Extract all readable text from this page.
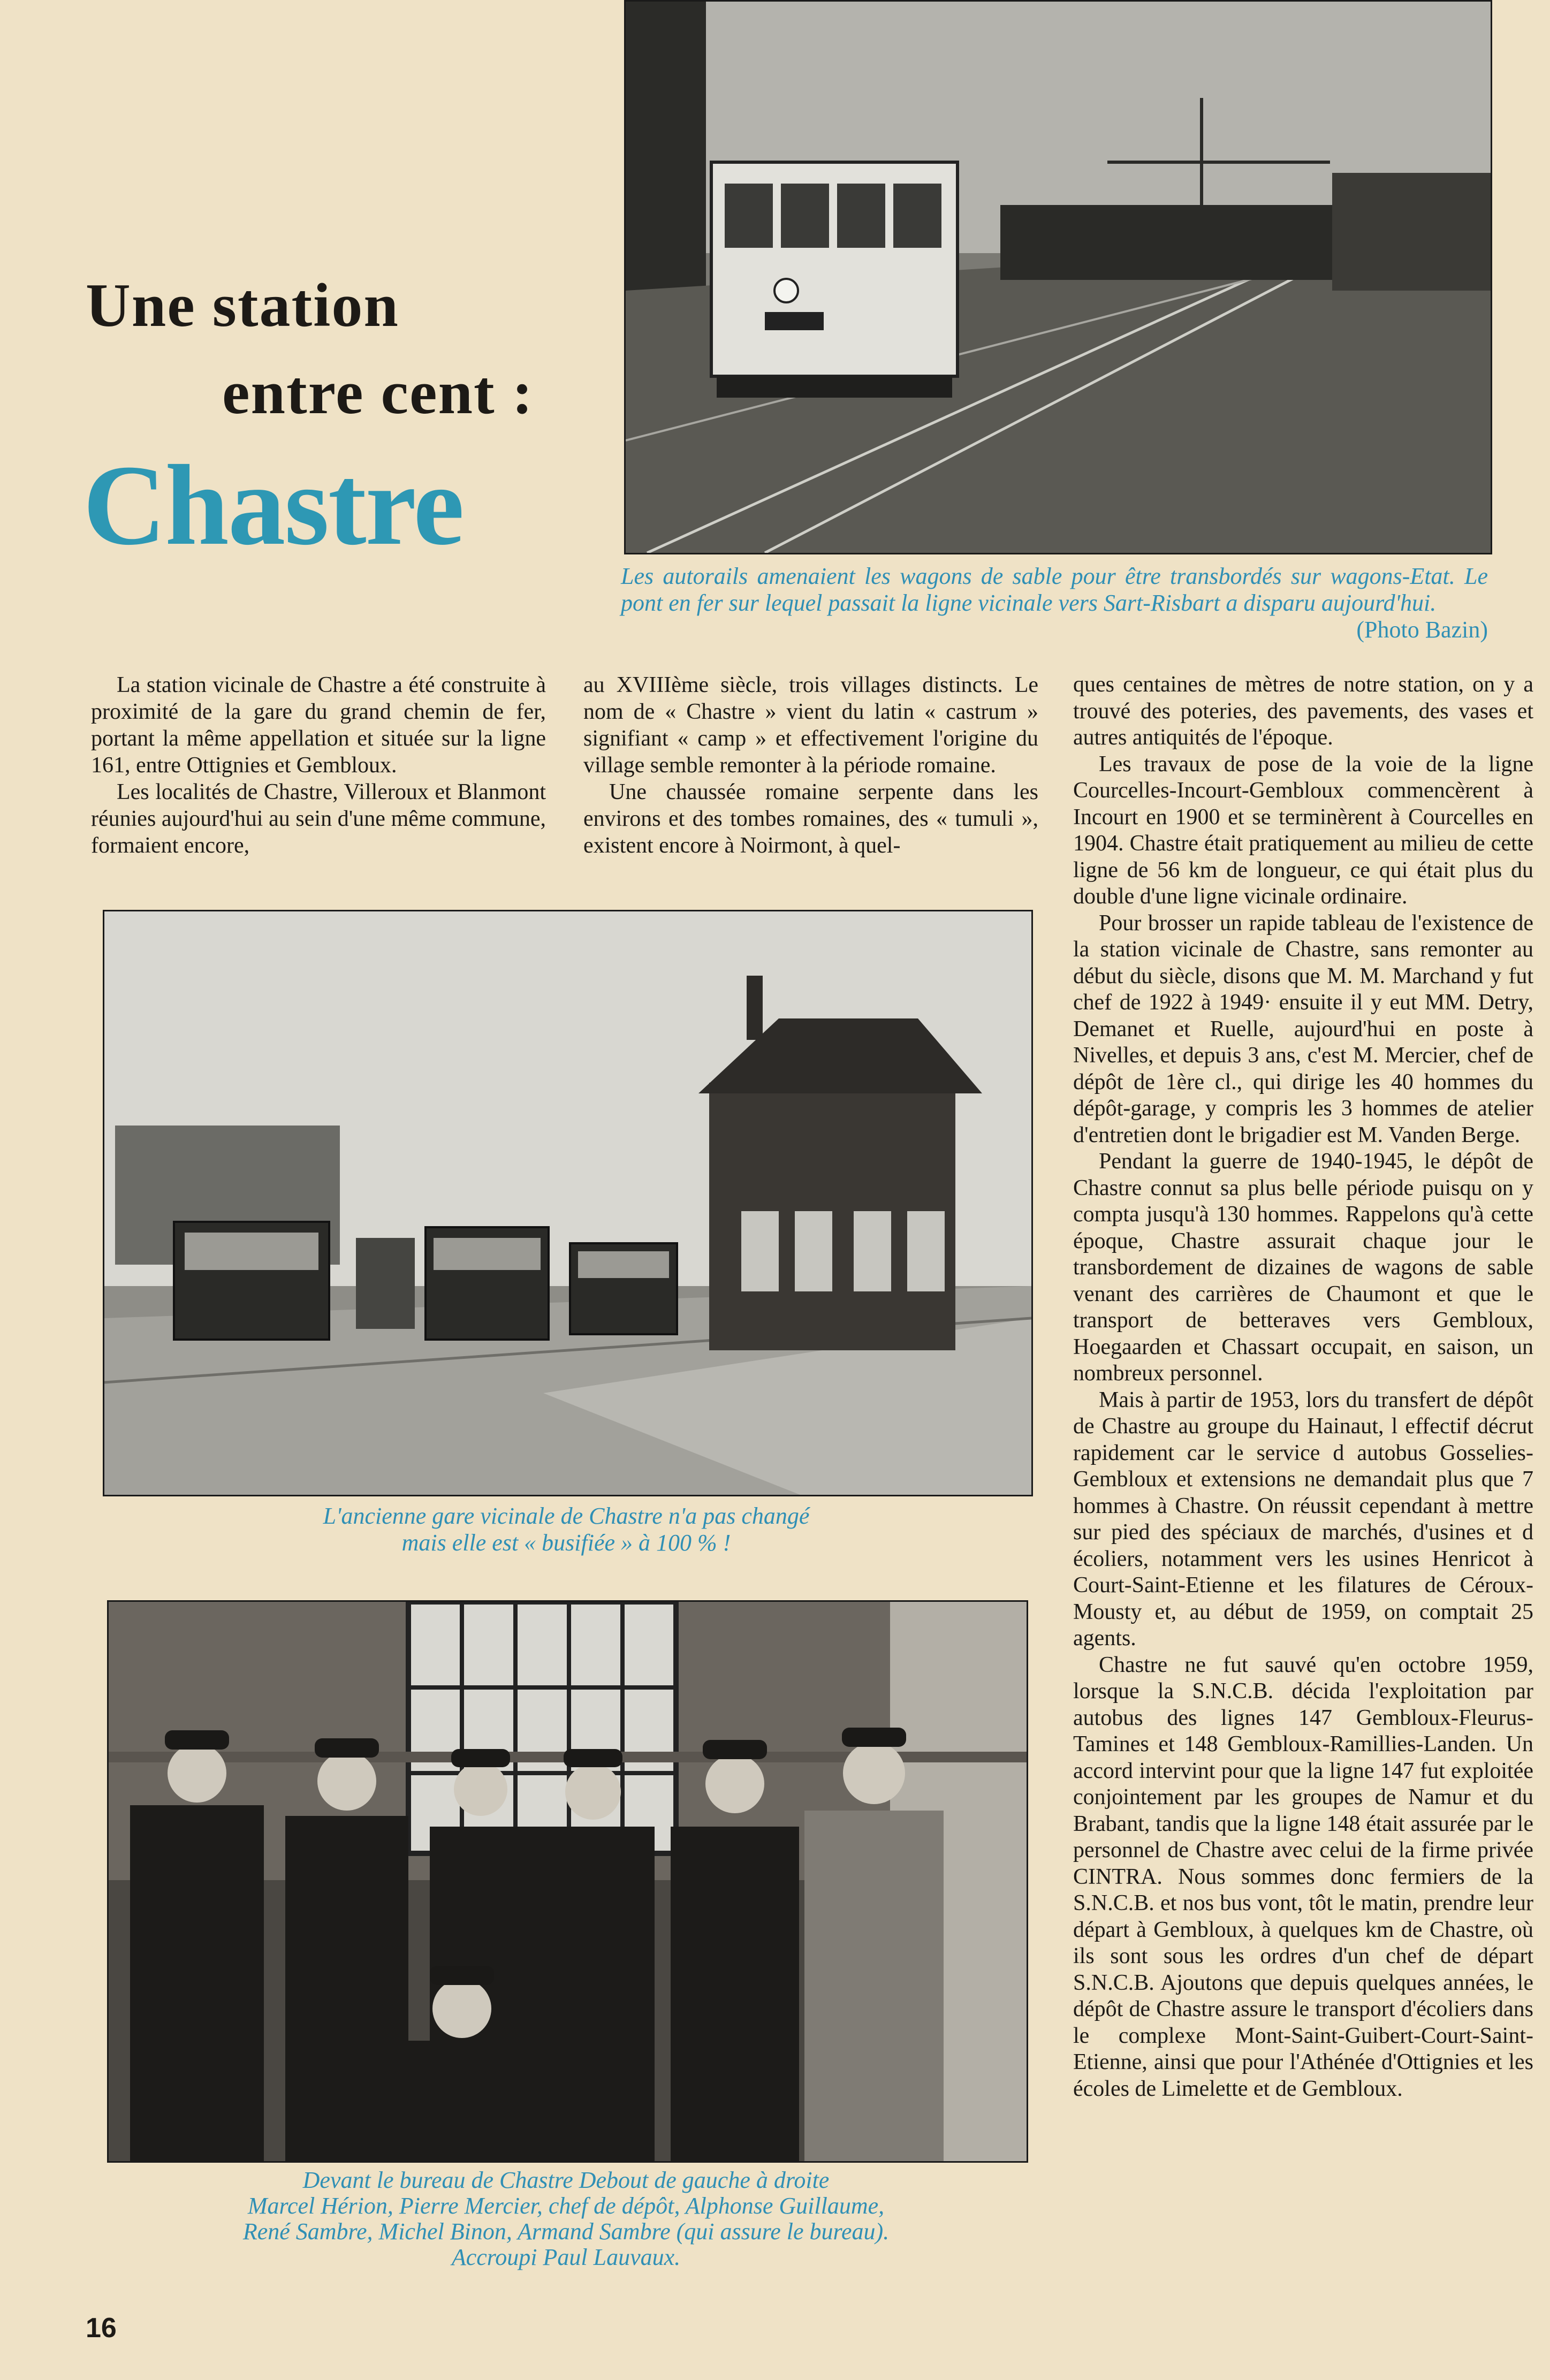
Une station
entre cent :
Chastre
Les autorails amenaient les wagons de sable pour être transbordés sur wagons-Etat. Le pont en fer sur lequel passait la ligne vicinale vers Sart-Risbart a disparu aujourd'hui.
(Photo Bazin)

La station vicinale de Chastre a été construite à proximité de la gare du grand chemin de fer, portant la même appellation et située sur la ligne 161, entre Ottignies et Gembloux.

Les localités de Chastre, Villeroux et Blanmont réunies aujourd'hui au sein d'une même commune, formaient encore,

au XVIIIème siècle, trois villages distincts. Le nom de « Chastre » vient du latin « castrum » signifiant « camp » et effectivement l'origine du village semble remonter à la période romaine.

Une chaussée romaine serpente dans les environs et des tombes romaines, des « tumuli », existent encore à Noirmont, à quel-

ques centaines de mètres de notre station, on y a trouvé des poteries, des pavements, des vases et autres antiquités de l'époque.

Les travaux de pose de la voie de la ligne Courcelles-Incourt-Gembloux commencèrent à Incourt en 1900 et se terminèrent à Courcelles en 1904. Chastre était pratiquement au milieu de cette ligne de 56 km de longueur, ce qui était plus du double d'une ligne vicinale ordinaire.

Pour brosser un rapide tableau de l'existence de la station vicinale de Chastre, sans remonter au début du siècle, disons que M. M. Marchand y fut chef de 1922 à 1949· ensuite il y eut MM. Detry, Demanet et Ruelle, aujourd'hui en poste à Nivelles, et depuis 3 ans, c'est M. Mercier, chef de dépôt de 1ère cl., qui dirige les 40 hommes du dépôt-garage, y compris les 3 hommes de atelier d'entretien dont le brigadier est M. Vanden Berge.

Pendant la guerre de 1940-1945, le dépôt de Chastre connut sa plus belle période puisqu on y compta jusqu'à 130 hommes. Rappelons qu'à cette époque, Chastre assurait chaque jour le transbordement de dizaines de wagons de sable venant des carrières de Chaumont et que le transport de betteraves vers Gembloux, Hoegaarden et Chassart occupait, en saison, un nombreux personnel.

Mais à partir de 1953, lors du transfert de dépôt de Chastre au groupe du Hainaut, l effectif décrut rapidement car le service d autobus Gosselies-Gembloux et extensions ne demandait plus que 7 hommes à Chastre. On réussit cependant à mettre sur pied des spéciaux de marchés, d'usines et d écoliers, notamment vers les usines Henricot à Court-Saint-Etienne et les filatures de Céroux-Mousty et, au début de 1959, on comptait 25 agents.

Chastre ne fut sauvé qu'en octobre 1959, lorsque la S.N.C.B. décida l'exploitation par autobus des lignes 147 Gembloux-Fleurus-Tamines et 148 Gembloux-Ramillies-Landen. Un accord intervint pour que la ligne 147 fut exploitée conjointement par les groupes de Namur et du Brabant, tandis que la ligne 148 était assurée par le personnel de Chastre avec celui de la firme privée CINTRA. Nous sommes donc fermiers de la S.N.C.B. et nos bus vont, tôt le matin, prendre leur départ à Gembloux, à quelques km de Chastre, où ils sont sous les ordres d'un chef de départ S.N.C.B. Ajoutons que depuis quelques années, le dépôt de Chastre assure le transport d'écoliers dans le complexe Mont-Saint-Guibert-Court-Saint-Etienne, ainsi que pour l'Athénée d'Ottignies et les écoles de Limelette et de Gembloux.

L'ancienne gare vicinale de Chastre n'a pas changé
mais elle est « busifiée » à 100 % !
Devant le bureau de Chastre Debout de gauche à droite
Marcel Hérion, Pierre Mercier, chef de dépôt, Alphonse Guillaume,
René Sambre, Michel Binon, Armand Sambre (qui assure le bureau).
Accroupi Paul Lauvaux.
16
